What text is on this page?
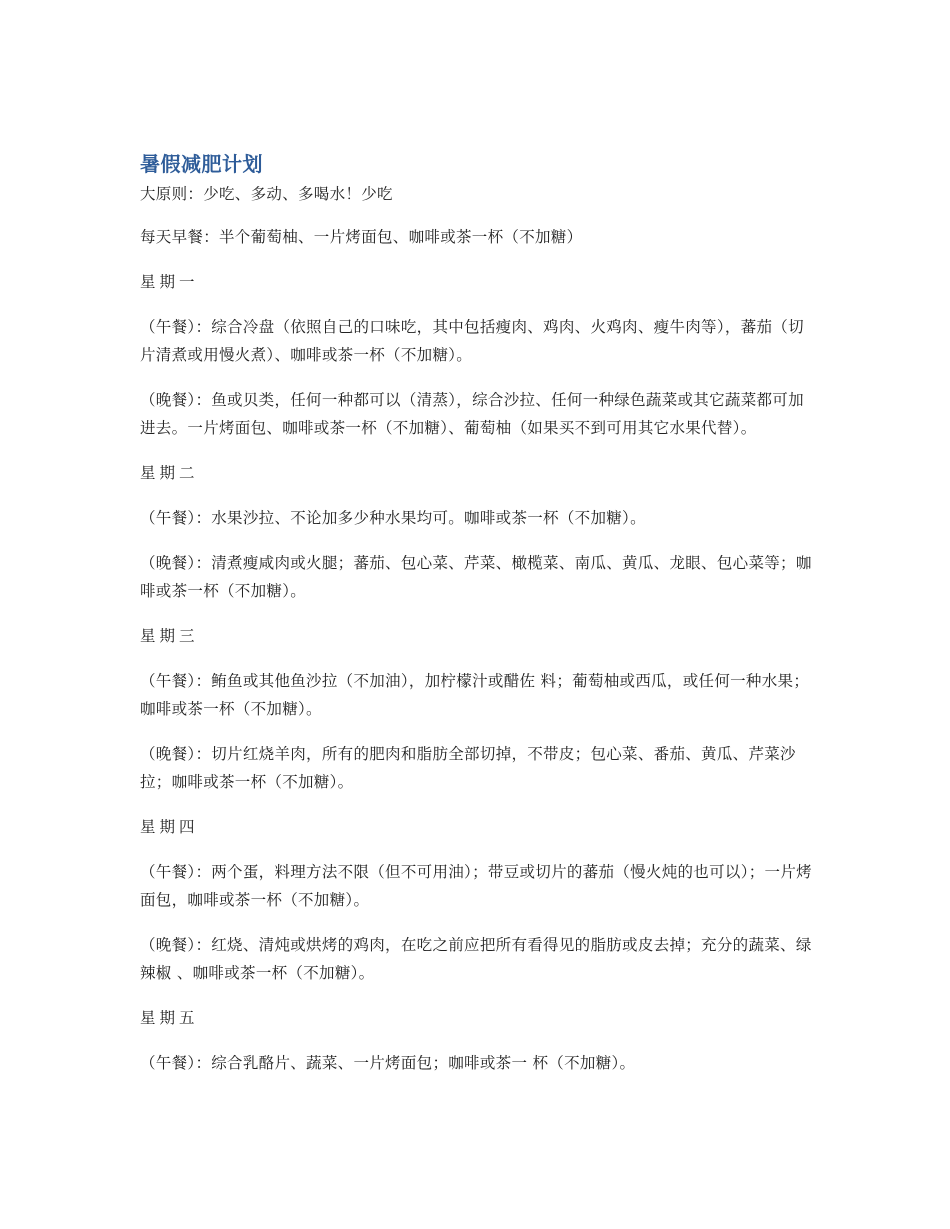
暑假减肥计划

大原则：少吃、多动、多喝水！少吃

每天早餐：半个葡萄柚、一片烤面包、咖啡或茶一杯（不加糖）

星期一

（午餐）：综合冷盘（依照自己的口味吃，其中包括瘦肉、鸡肉、火鸡肉、瘦牛肉等），蕃茄（切片清煮或用慢火煮）、咖啡或茶一杯（不加糖）。

（晚餐）：鱼或贝类，任何一种都可以（清蒸），综合沙拉、任何一种绿色蔬菜或其它蔬菜都可加进去。一片烤面包、咖啡或茶一杯（不加糖）、葡萄柚（如果买不到可用其它水果代替）。

星期二

（午餐）：水果沙拉、不论加多少种水果均可。咖啡或茶一杯（不加糖）。

（晚餐）：清煮瘦咸肉或火腿；蕃茄、包心菜、芹菜、橄榄菜、南瓜、黄瓜、龙眼、包心菜等；咖啡或茶一杯（不加糖）。

星期三

（午餐）：鲔鱼或其他鱼沙拉（不加油），加柠檬汁或醋佐 料；葡萄柚或西瓜，或任何一种水果；咖啡或茶一杯（不加糖）。

（晚餐）：切片红烧羊肉，所有的肥肉和脂肪全部切掉，不带皮；包心菜、番茄、黄瓜、芹菜沙拉；咖啡或茶一杯（不加糖）。

星期四

（午餐）：两个蛋，料理方法不限（但不可用油）；带豆或切片的蕃茄（慢火炖的也可以）；一片烤面包，咖啡或茶一杯（不加糖）。

（晚餐）：红烧、清炖或烘烤的鸡肉，在吃之前应把所有看得见的脂肪或皮去掉；充分的蔬菜、绿辣椒 、咖啡或茶一杯（不加糖）。

星期五

（午餐）：综合乳酪片、蔬菜、一片烤面包；咖啡或茶一 杯（不加糖）。
